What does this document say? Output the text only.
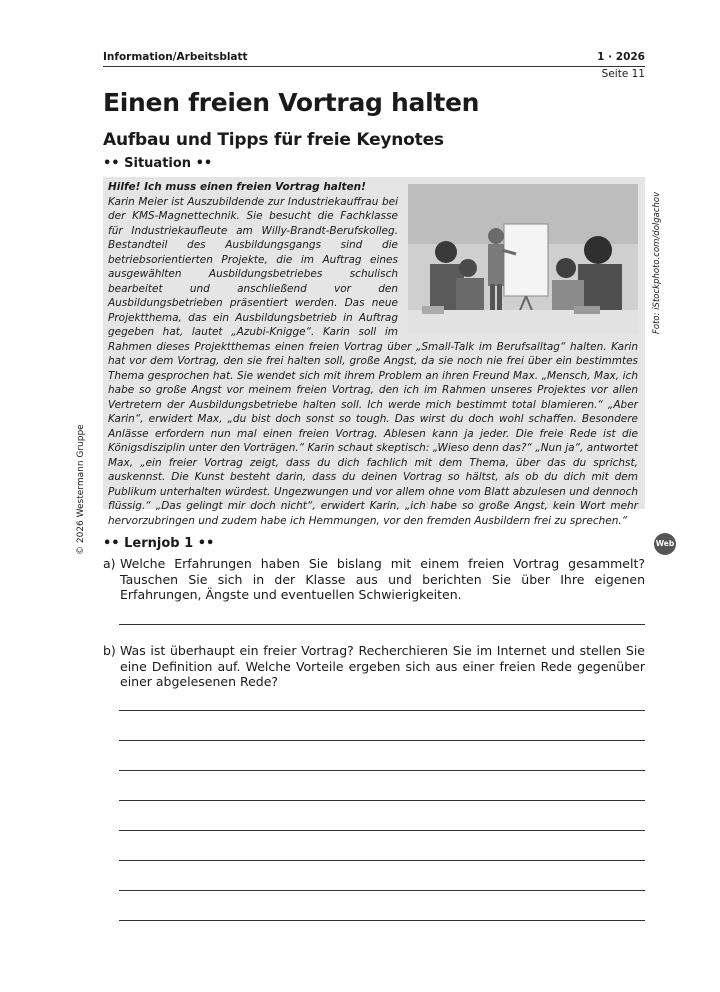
Information/Arbeitsblatt	1 · 2026
Seite 11
© 2026 Westermann Gruppe
Einen freien Vortrag halten
Aufbau und Tipps für freie Keynotes
•• Situation ••
Foto: iStockphoto.com/dolgachov
Hilfe! Ich muss einen freien Vortrag halten!
Karin Meier ist Auszubildende zur Industriekauffrau bei der KMS-Magnettechnik. Sie besucht die Fachklasse für Industriekaufleute am Willy-Brandt-Berufskolleg. Bestandteil des Ausbildungsgangs sind die betriebsorientierten Projekte, die im Auftrag eines ausgewählten Ausbildungsbetriebes schulisch bearbeitet und anschließend vor den Ausbildungsbetrieben präsentiert werden. Das neue Projektthema, das ein Ausbildungsbetrieb in Auftrag gegeben hat, lautet „Azubi-Knigge“. Karin soll im Rahmen dieses Projektthemas einen freien Vortrag über „Small-Talk im Berufsalltag“ halten. Karin hat vor dem Vortrag, den sie frei halten soll, große Angst, da sie noch nie frei über ein bestimmtes Thema gesprochen hat. Sie wendet sich mit ihrem Problem an ihren Freund Max. „Mensch, Max, ich habe so große Angst vor meinem freien Vortrag, den ich im Rahmen unseres Projektes vor allen Vertretern der Ausbildungsbetriebe halten soll. Ich werde mich bestimmt total blamieren.“ „Aber Karin“, erwidert Max, „du bist doch sonst so tough. Das wirst du doch wohl schaffen. Besondere Anlässe erfordern nun mal einen freien Vortrag. Ablesen kann ja jeder. Die freie Rede ist die Königsdisziplin unter den Vorträgen.“ Karin schaut skeptisch: „Wieso denn das?“ „Nun ja“, antwortet Max, „ein freier Vortrag zeigt, dass du dich fachlich mit dem Thema, über das du sprichst, auskennst. Die Kunst besteht darin, dass du deinen Vortrag so hältst, als ob du dich mit dem Publikum unterhalten würdest. Ungezwungen und vor allem ohne vom Blatt abzulesen und dennoch flüssig.“ „Das gelingt mir doch nicht“, erwidert Karin, „ich habe so große Angst, kein Wort mehr hervorzubringen und zudem habe ich Hemmungen, vor den fremden Ausbildern frei zu sprechen.“
Web
•• Lernjob 1 ••
a) Welche Erfahrungen haben Sie bislang mit einem freien Vortrag gesammelt? Tauschen Sie sich in der Klasse aus und berichten Sie über Ihre eigenen Erfahrungen, Ängste und eventuellen Schwierigkeiten.
b) Was ist überhaupt ein freier Vortrag? Recherchieren Sie im Internet und stellen Sie eine Definition auf. Welche Vorteile ergeben sich aus einer freien Rede gegenüber einer abgelesenen Rede?
